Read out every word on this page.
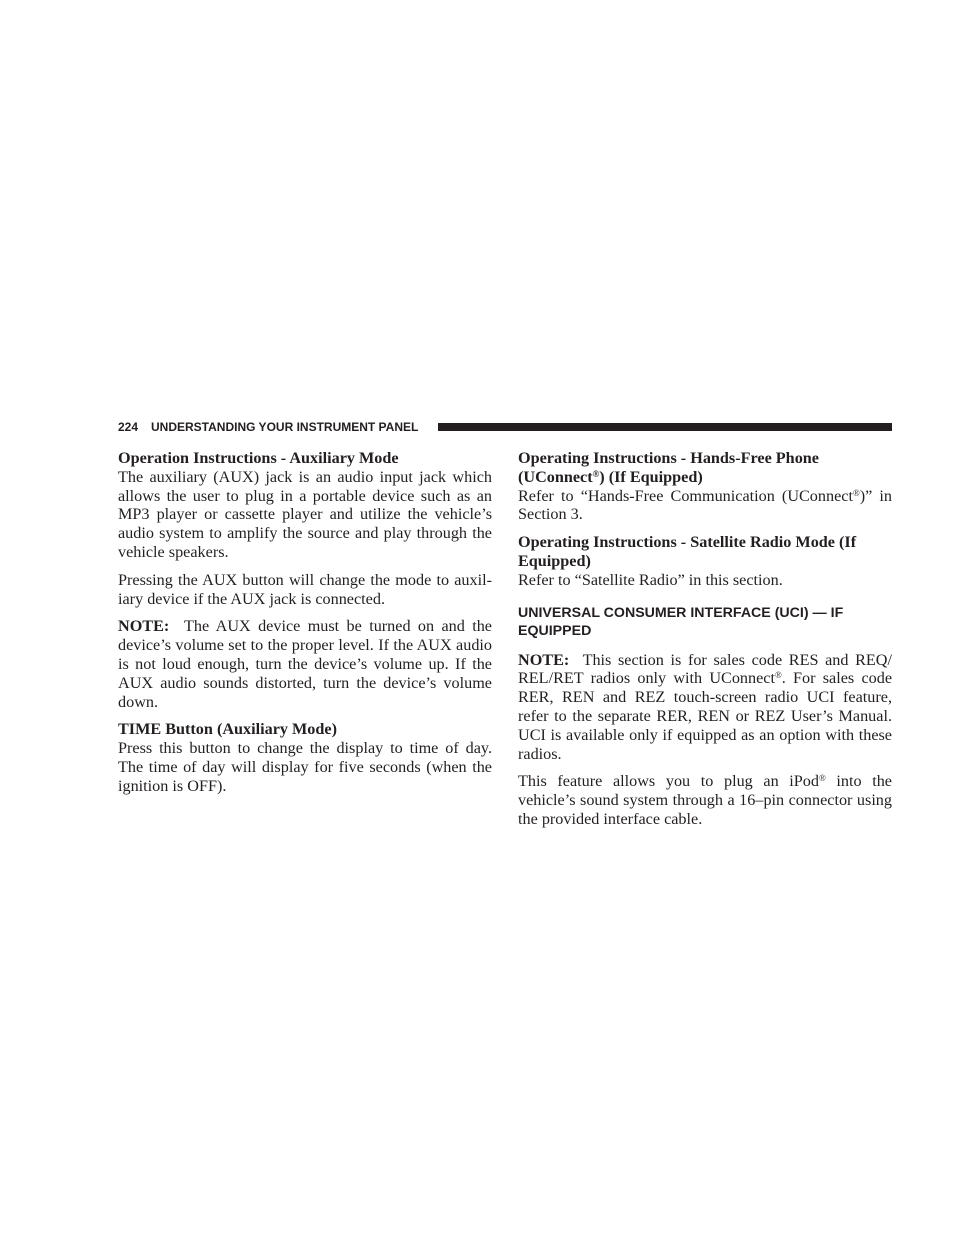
224 UNDERSTANDING YOUR INSTRUMENT PANEL

Operation Instructions - Auxiliary Mode

The auxiliary (AUX) jack is an audio input jack which allows the user to plug in a portable device such as an MP3 player or cassette player and utilize the vehicle’s audio system to amplify the source and play through the vehicle speakers.

Pressing the AUX button will change the mode to auxiliary device if the AUX jack is connected.

NOTE: The AUX device must be turned on and the device’s volume set to the proper level. If the AUX audio is not loud enough, turn the device’s volume up. If the AUX audio sounds distorted, turn the device’s volume down.

TIME Button (Auxiliary Mode)

Press this button to change the display to time of day. The time of day will display for five seconds (when the ignition is OFF).

Operating Instructions - Hands-Free Phone (UConnect®) (If Equipped)

Refer to “Hands-Free Communication (UConnect®)” in Section 3.

Operating Instructions - Satellite Radio Mode (If Equipped)

Refer to “Satellite Radio” in this section.

UNIVERSAL CONSUMER INTERFACE (UCI) — IF EQUIPPED

NOTE: This section is for sales code RES and REQ/ REL/RET radios only with UConnect®. For sales code RER, REN and REZ touch-screen radio UCI feature, refer to the separate RER, REN or REZ User’s Manual. UCI is available only if equipped as an option with these radios.

This feature allows you to plug an iPod® into the vehicle’s sound system through a 16–pin connector using the provided interface cable.
